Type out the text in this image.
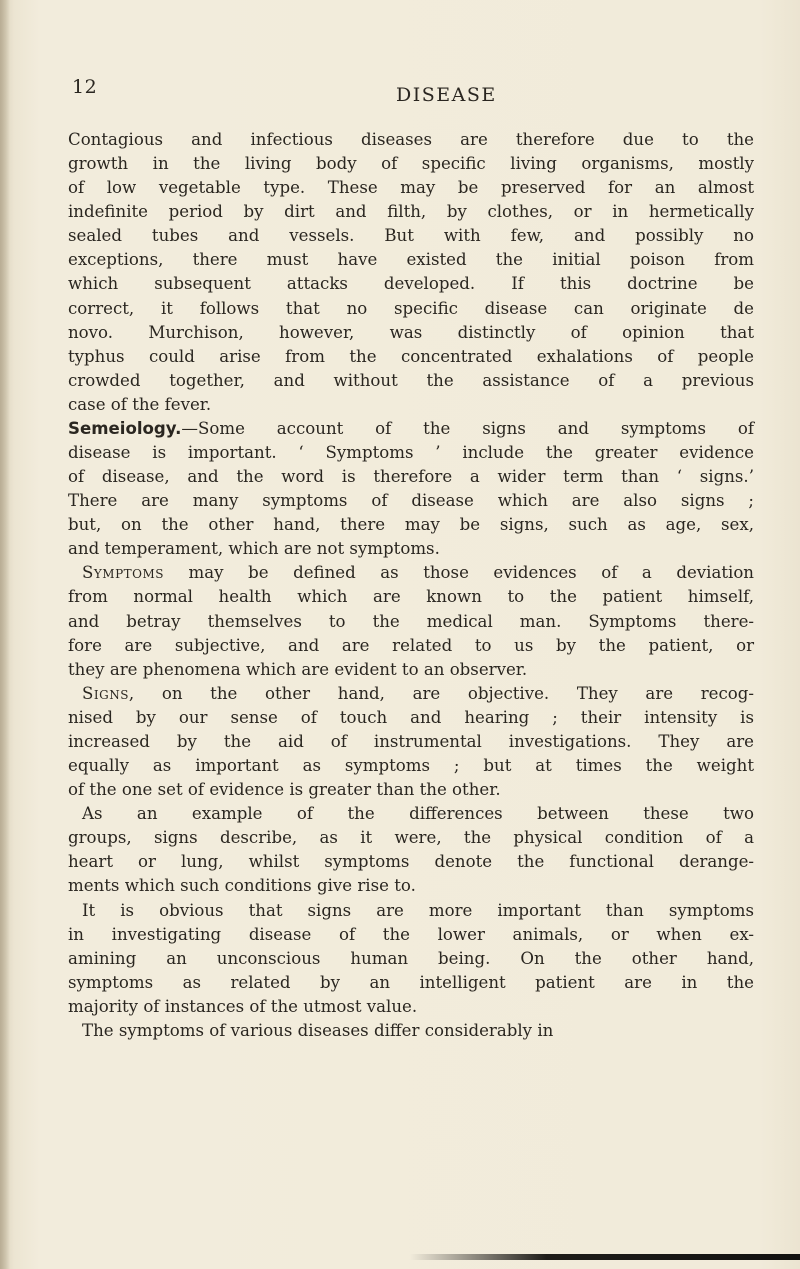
12	DISEASE
Contagious and infectious diseases are therefore due to the
growth in the living body of specific living organisms, mostly
of low vegetable type. These may be preserved for an almost
indefinite period by dirt and filth, by clothes, or in hermetically
sealed tubes and vessels. But with few, and possibly no
exceptions, there must have existed the initial poison from
which subsequent attacks developed. If this doctrine be
correct, it follows that no specific disease can originate de
novo. Murchison, however, was distinctly of opinion that
typhus could arise from the concentrated exhalations of people
crowded together, and without the assistance of a previous
case of the fever.
Semeiology.—Some account of the signs and symptoms of
disease is important. ‘ Symptoms ’ include the greater evidence
of disease, and the word is therefore a wider term than ‘ signs.’
There are many symptoms of disease which are also signs ;
but, on the other hand, there may be signs, such as age, sex,
and temperament, which are not symptoms.
Symptoms may be defined as those evidences of a deviation
from normal health which are known to the patient himself,
and betray themselves to the medical man. Symptoms there-
fore are subjective, and are related to us by the patient, or
they are phenomena which are evident to an observer.
Signs, on the other hand, are objective. They are recog-
nised by our sense of touch and hearing ; their intensity is
increased by the aid of instrumental investigations. They are
equally as important as symptoms ; but at times the weight
of the one set of evidence is greater than the other.
As an example of the differences between these two
groups, signs describe, as it were, the physical condition of a
heart or lung, whilst symptoms denote the functional derange-
ments which such conditions give rise to.
It is obvious that signs are more important than symptoms
in investigating disease of the lower animals, or when ex-
amining an unconscious human being. On the other hand,
symptoms as related by an intelligent patient are in the
majority of instances of the utmost value.
The symptoms of various diseases differ considerably in
